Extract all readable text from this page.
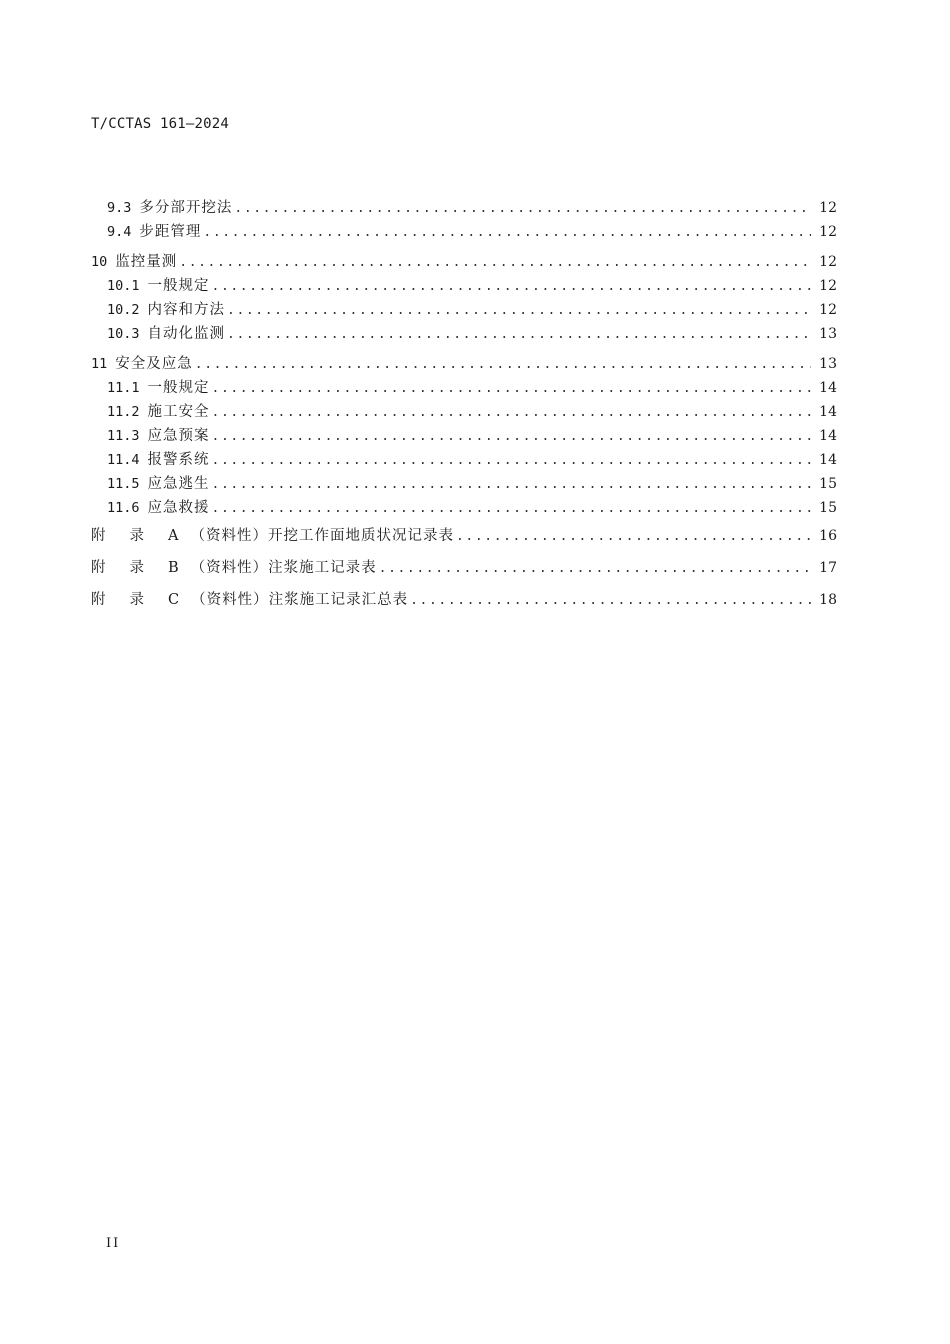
T/CCTAS 161—2024
9.3 多分部开挖法 .....	12
9.4 步距管理 .....	12
10 监控量测 .....	12
10.1 一般规定 .....	12
10.2 内容和方法 .....	12
10.3 自动化监测 .....	13
11 安全及应急 .....	13
11.1 一般规定 .....	14
11.2 施工安全 .....	14
11.3 应急预案 .....	14
11.4 报警系统 .....	14
11.5 应急逃生 .....	15
11.6 应急救援 .....	15
附 录 A （资料性）开挖工作面地质状况记录表 .....	16
附 录 B （资料性）注浆施工记录表 .....	17
附 录 C （资料性）注浆施工记录汇总表 .....	18
II
